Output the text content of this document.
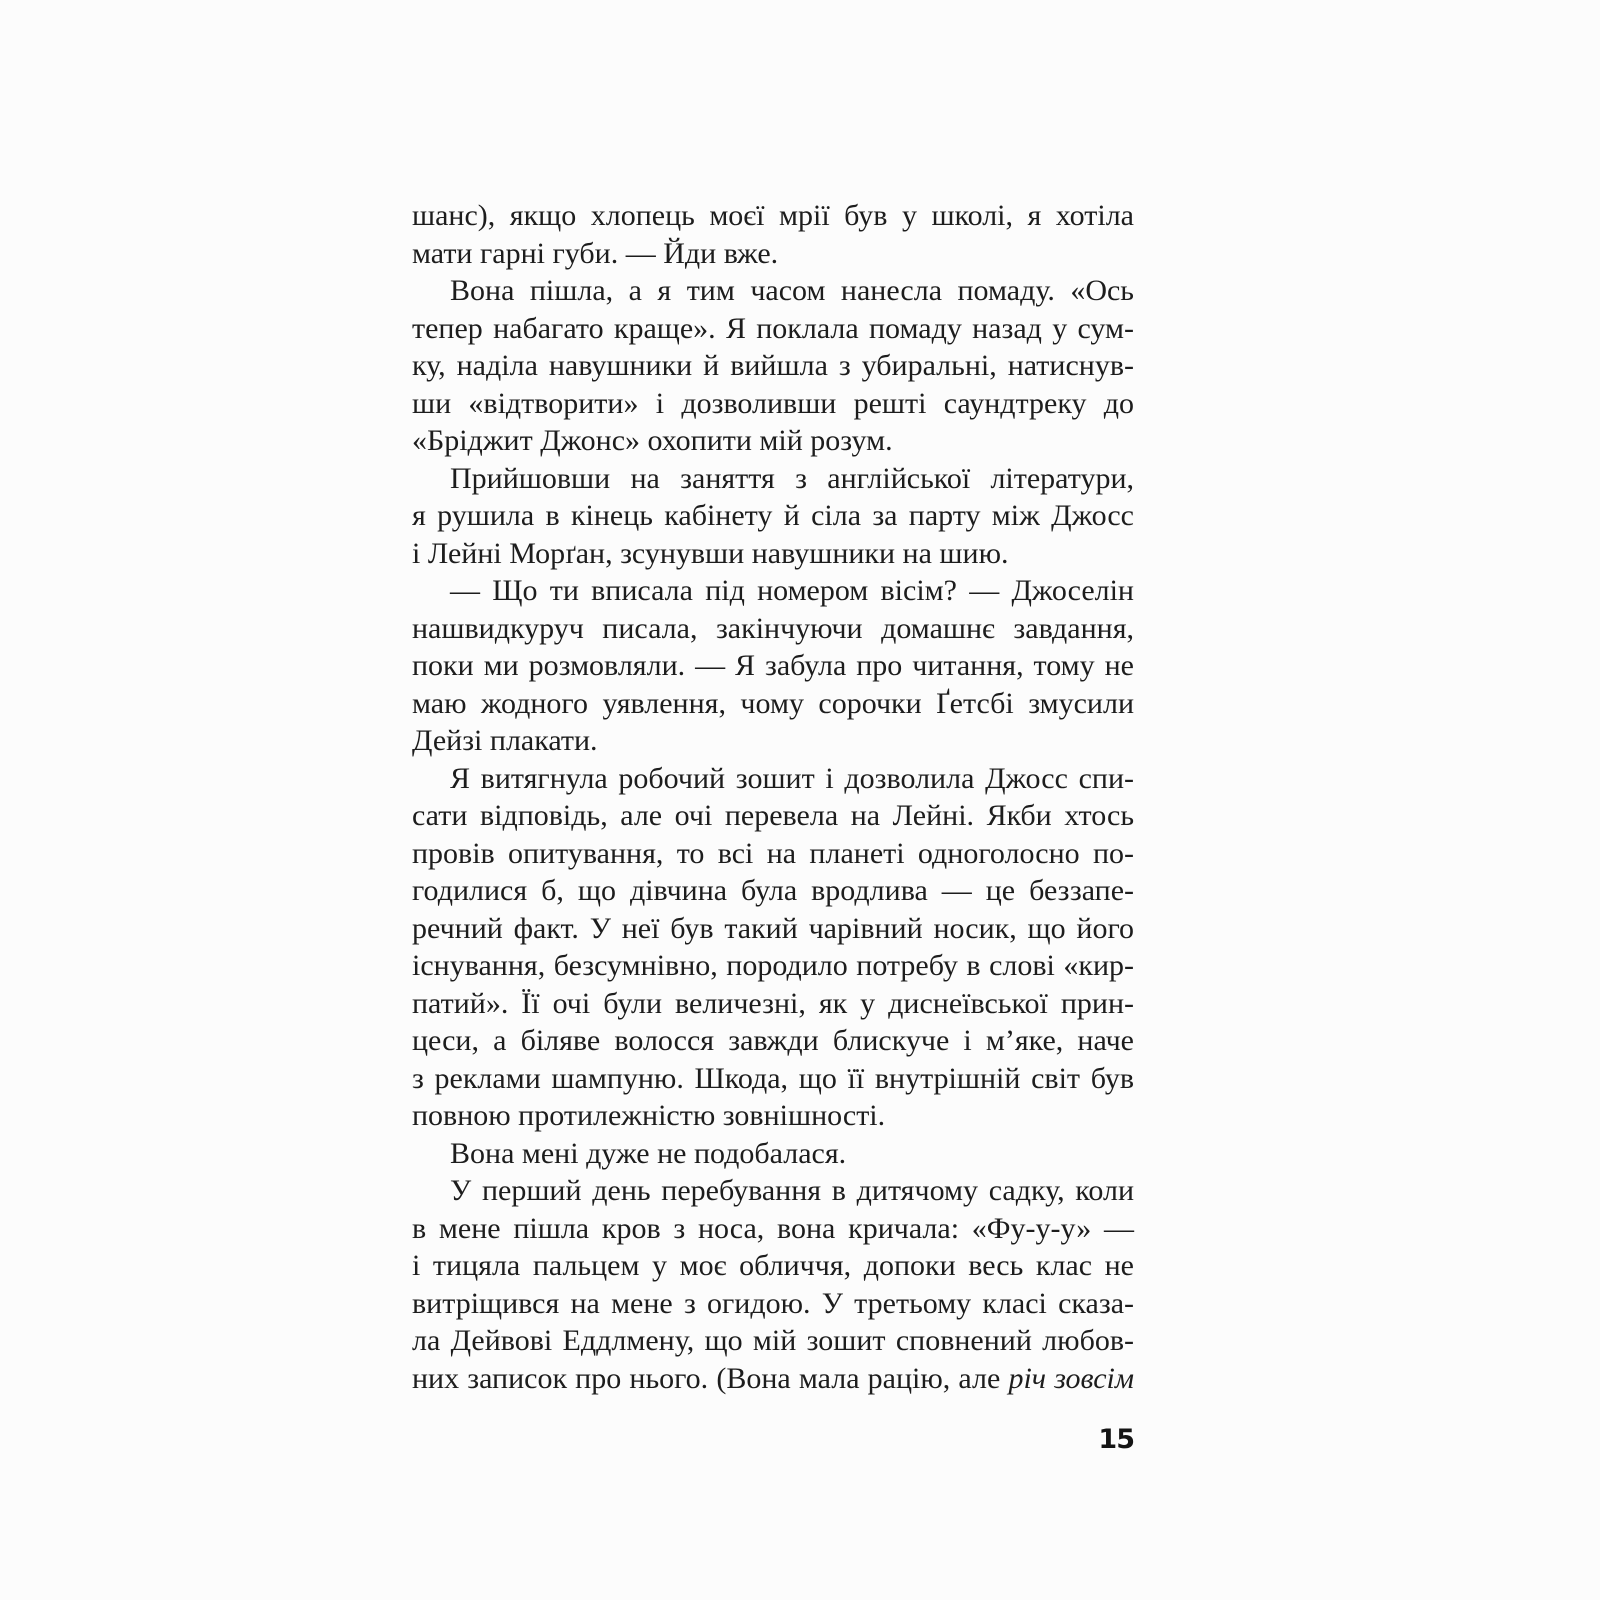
шанс), якщо хлопець моєї мрії був у школі, я хотіла
мати гарні губи. — Йди вже.
Вона пішла, а я тим часом нанесла помаду. «Ось
тепер набагато краще». Я поклала помаду назад у сум-
ку, наділа навушники й вийшла з убиральні, натиснув-
ши «відтворити» і дозволивши решті саундтреку до
«Бріджит Джонс» охопити мій розум.
Прийшовши на заняття з англійської літератури,
я рушила в кінець кабінету й сіла за парту між Джосс
і Лейні Морґан, зсунувши навушники на шию.
— Що ти вписала під номером вісім? — Джоселін
нашвидкуруч писала, закінчуючи домашнє завдання,
поки ми розмовляли. — Я забула про читання, тому не
маю жодного уявлення, чому сорочки Ґетсбі змусили
Дейзі плакати.
Я витягнула робочий зошит і дозволила Джосс спи-
сати відповідь, але очі перевела на Лейні. Якби хтось
провів опитування, то всі на планеті одноголосно по-
годилися б, що дівчина була вродлива — це беззапе-
речний факт. У неї був такий чарівний носик, що його
існування, безсумнівно, породило потребу в слові «кир-
патий». Її очі були величезні, як у диснеївської прин-
цеси, а біляве волосся завжди блискуче і м’яке, наче
з реклами шампуню. Шкода, що її внутрішній світ був
повною протилежністю зовнішності.
Вона мені дуже не подобалася.
У перший день перебування в дитячому садку, коли
в мене пішла кров з носа, вона кричала: «Фу-у-у» —
і тицяла пальцем у моє обличчя, допоки весь клас не
витріщився на мене з огидою. У третьому класі сказа-
ла Дейвові Еддлмену, що мій зошит сповнений любов-
них записок про нього. (Вона мала рацію, але річ зовсім
15
